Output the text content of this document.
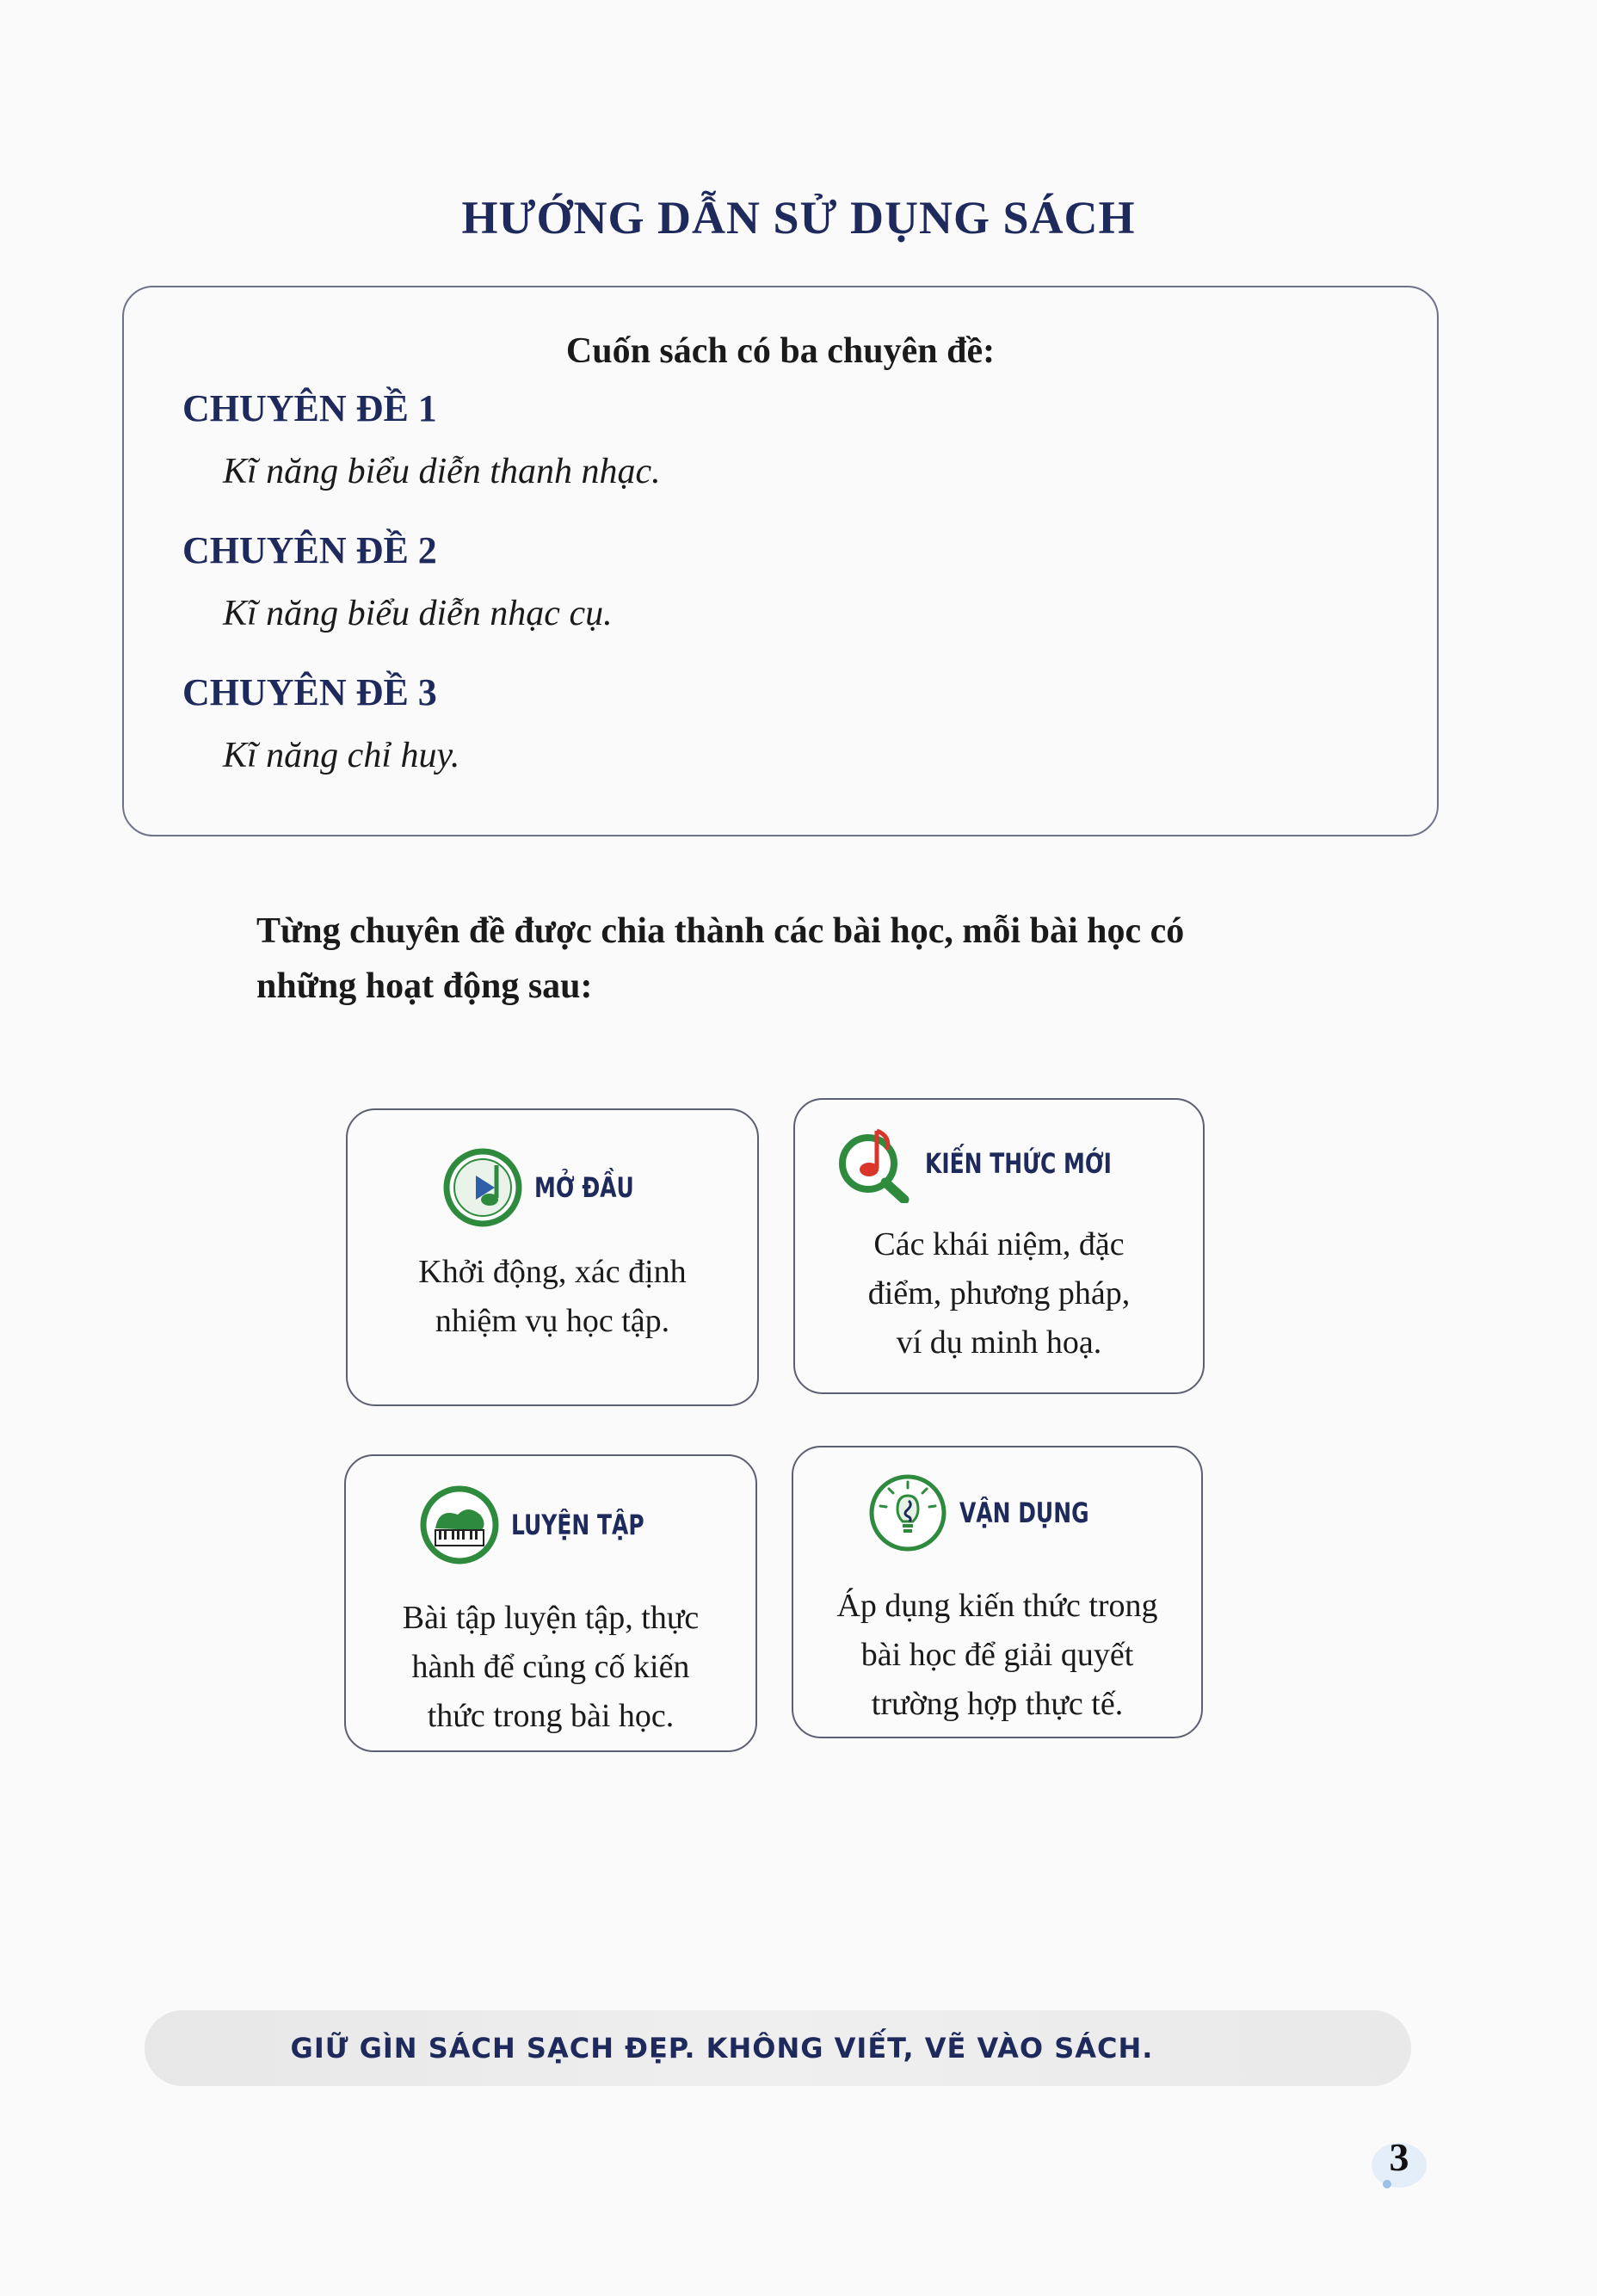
HƯỚNG DẪN SỬ DỤNG SÁCH
Cuốn sách có ba chuyên đề:
CHUYÊN ĐỀ 1
Kĩ năng biểu diễn thanh nhạc.
CHUYÊN ĐỀ 2
Kĩ năng biểu diễn nhạc cụ.
CHUYÊN ĐỀ 3
Kĩ năng chỉ huy.
Từng chuyên đề được chia thành các bài học, mỗi bài học có
những hoạt động sau:
MỞ ĐẦU
Khởi động, xác định
nhiệm vụ học tập.
KIẾN THỨC MỚI
Các khái niệm, đặc
điểm, phương pháp,
ví dụ minh hoạ.
LUYỆN TẬP
Bài tập luyện tập, thực
hành để củng cố kiến
thức trong bài học.
VẬN DỤNG
Áp dụng kiến thức trong
bài học để giải quyết
trường hợp thực tế.
GIỮ GÌN SÁCH SẠCH ĐẸP. KHÔNG VIẾT, VẼ VÀO SÁCH.
3
